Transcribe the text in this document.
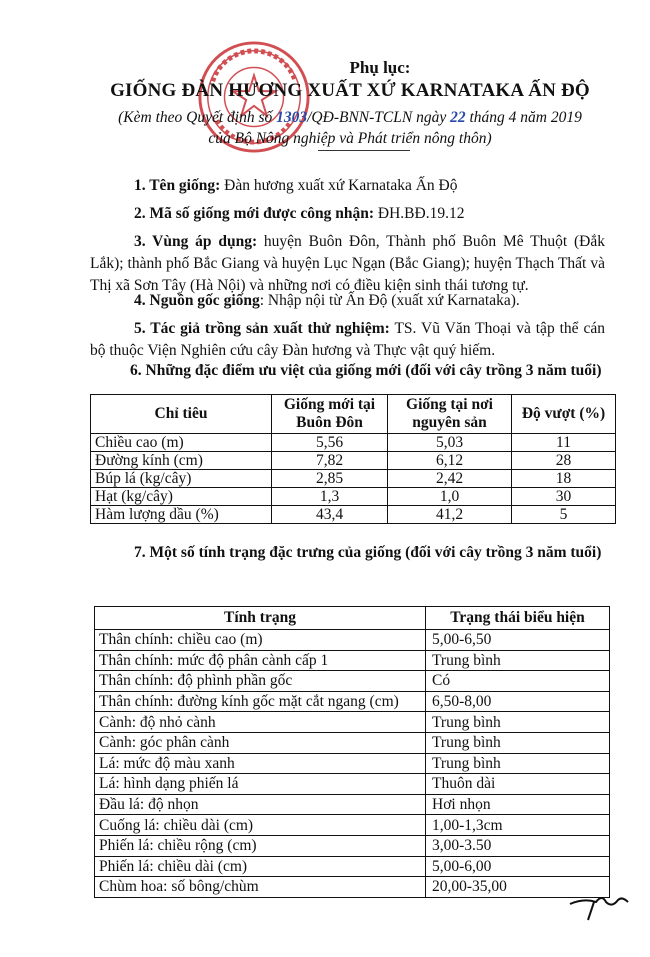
Phụ lục:
GIỐNG ĐÀN HƯƠNG XUẤT XỨ KARNATAKA ẤN ĐỘ
(Kèm theo Quyết định số 1303/QĐ-BNN-TCLN ngày 22 tháng 4 năm 2019
của Bộ Nông nghiệp và Phát triển nông thôn)
1. Tên giống: Đàn hương xuất xứ Karnataka Ấn Độ
2. Mã số giống mới được công nhận: ĐH.BĐ.19.12
3. Vùng áp dụng: huyện Buôn Đôn, Thành phố Buôn Mê Thuột (Đắk Lắk); thành phố Bắc Giang và huyện Lục Ngạn (Bắc Giang); huyện Thạch Thất và Thị xã Sơn Tây (Hà Nội) và những nơi có điều kiện sinh thái tương tự.
4. Nguồn gốc giống: Nhập nội từ Ấn Độ (xuất xứ Karnataka).
5. Tác giả trồng sản xuất thử nghiệm: TS. Vũ Văn Thoại và tập thể cán bộ thuộc Viện Nghiên cứu cây Đàn hương và Thực vật quý hiếm.
6. Những đặc điểm ưu việt của giống mới (đối với cây trồng 3 năm tuổi)
Chỉ tiêu	Giống mới tại Buôn Đôn	Giống tại nơi nguyên sản	Độ vượt (%)
Chiều cao (m)	5,56	5,03	11
Đường kính (cm)	7,82	6,12	28
Búp lá (kg/cây)	2,85	2,42	18
Hạt (kg/cây)	1,3	1,0	30
Hàm lượng dầu (%)	43,4	41,2	5
7. Một số tính trạng đặc trưng của giống (đối với cây trồng 3 năm tuổi)
Tính trạng	Trạng thái biểu hiện
Thân chính: chiều cao (m)	5,00-6,50
Thân chính: mức độ phân cành cấp 1	Trung bình
Thân chính: độ phình phần gốc	Có
Thân chính: đường kính gốc mặt cắt ngang (cm)	6,50-8,00
Cành: độ nhỏ cành	Trung bình
Cành: góc phân cành	Trung bình
Lá: mức độ màu xanh	Trung bình
Lá: hình dạng phiến lá	Thuôn dài
Đầu lá: độ nhọn	Hơi nhọn
Cuống lá: chiều dài (cm)	1,00-1,3cm
Phiến lá: chiều rộng (cm)	3,00-3.50
Phiến lá: chiều dài (cm)	5,00-6,00
Chùm hoa: số bông/chùm	20,00-35,00
